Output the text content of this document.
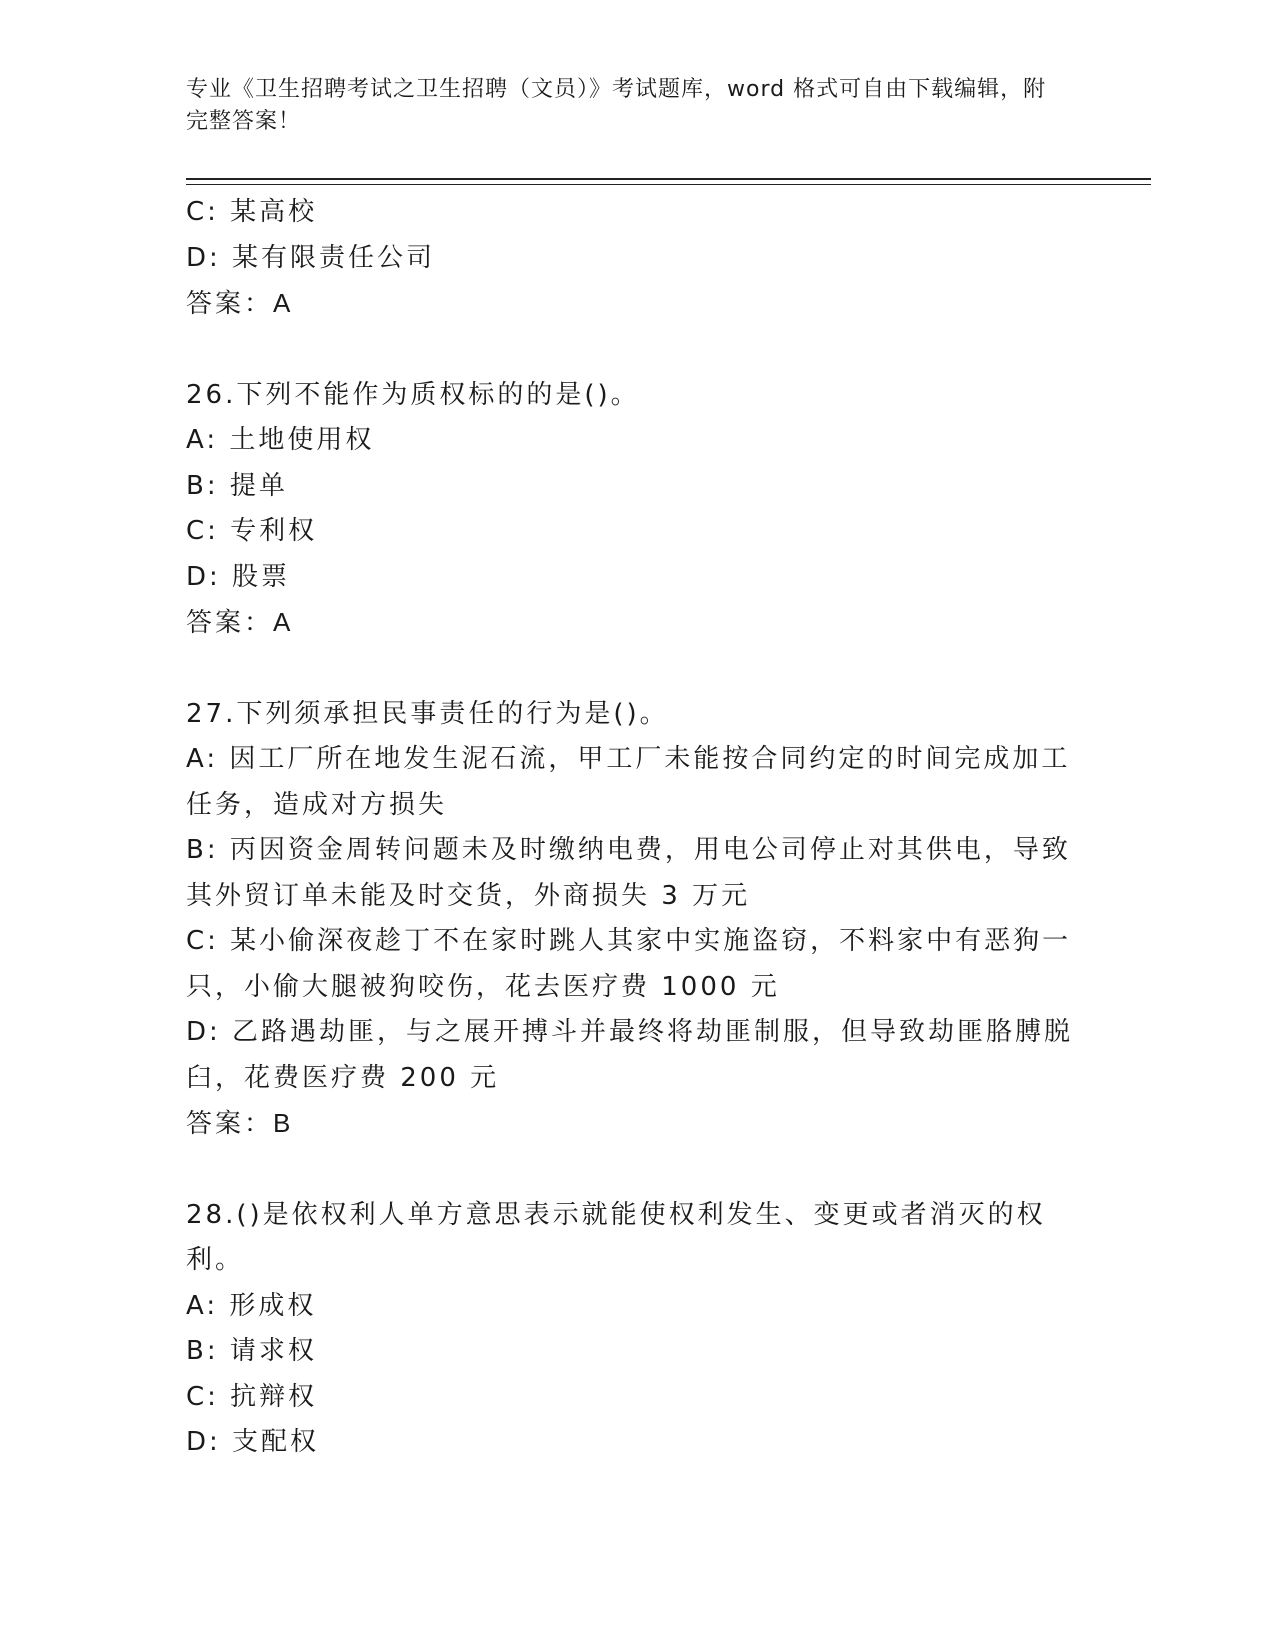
专业《卫生招聘考试之卫生招聘（文员）》考试题库，word 格式可自由下载编辑，附完整答案！
C: 某高校
D: 某有限责任公司
答案：A
26.下列不能作为质权标的的是()。
A: 土地使用权
B: 提单
C: 专利权
D: 股票
答案：A
27.下列须承担民事责任的行为是()。
A: 因工厂所在地发生泥石流，甲工厂未能按合同约定的时间完成加工任务，造成对方损失
B: 丙因资金周转问题未及时缴纳电费，用电公司停止对其供电，导致其外贸订单未能及时交货，外商损失 3 万元
C: 某小偷深夜趁丁不在家时跳人其家中实施盗窃，不料家中有恶狗一只，小偷大腿被狗咬伤，花去医疗费 1000 元
D: 乙路遇劫匪，与之展开搏斗并最终将劫匪制服，但导致劫匪胳膊脱臼，花费医疗费 200 元
答案：B
28.()是依权利人单方意思表示就能使权利发生、变更或者消灭的权利。
A: 形成权
B: 请求权
C: 抗辩权
D: 支配权
